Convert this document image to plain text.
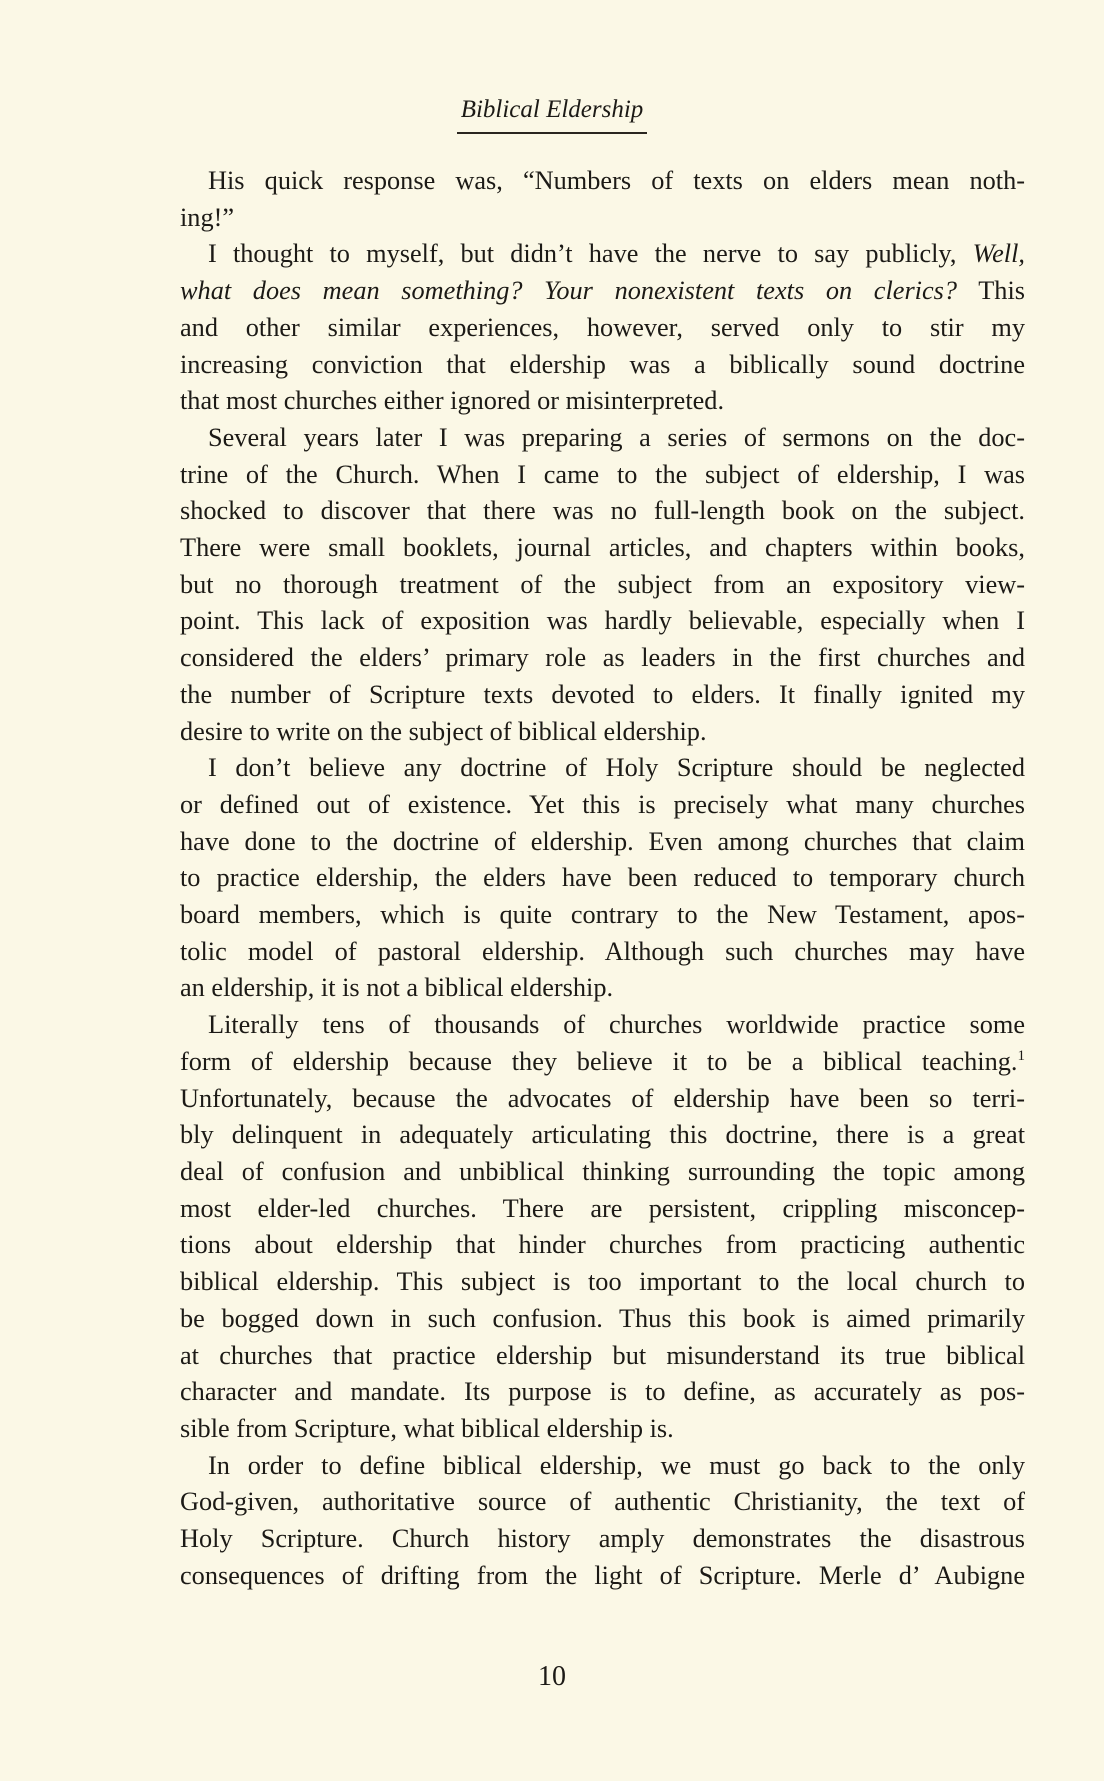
Biblical Eldership
His quick response was, “Numbers of texts on elders mean noth-
ing!”
I thought to myself, but didn’t have the nerve to say publicly, Well,
what does mean something? Your nonexistent texts on clerics? This
and other similar experiences, however, served only to stir my
increasing conviction that eldership was a biblically sound doctrine
that most churches either ignored or misinterpreted.
Several years later I was preparing a series of sermons on the doc-
trine of the Church. When I came to the subject of eldership, I was
shocked to discover that there was no full-length book on the subject.
There were small booklets, journal articles, and chapters within books,
but no thorough treatment of the subject from an expository view-
point. This lack of exposition was hardly believable, especially when I
considered the elders’ primary role as leaders in the first churches and
the number of Scripture texts devoted to elders. It finally ignited my
desire to write on the subject of biblical eldership.
I don’t believe any doctrine of Holy Scripture should be neglected
or defined out of existence. Yet this is precisely what many churches
have done to the doctrine of eldership. Even among churches that claim
to practice eldership, the elders have been reduced to temporary church
board members, which is quite contrary to the New Testament, apos-
tolic model of pastoral eldership. Although such churches may have
an eldership, it is not a biblical eldership.
Literally tens of thousands of churches worldwide practice some
form of eldership because they believe it to be a biblical teaching.$^1$
Unfortunately, because the advocates of eldership have been so terri-
bly delinquent in adequately articulating this doctrine, there is a great
deal of confusion and unbiblical thinking surrounding the topic among
most elder-led churches. There are persistent, crippling misconcep-
tions about eldership that hinder churches from practicing authentic
biblical eldership. This subject is too important to the local church to
be bogged down in such confusion. Thus this book is aimed primarily
at churches that practice eldership but misunderstand its true biblical
character and mandate. Its purpose is to define, as accurately as pos-
sible from Scripture, what biblical eldership is.
In order to define biblical eldership, we must go back to the only
God-given, authoritative source of authentic Christianity, the text of
Holy Scripture. Church history amply demonstrates the disastrous
consequences of drifting from the light of Scripture. Merle d’ Aubigne
10
